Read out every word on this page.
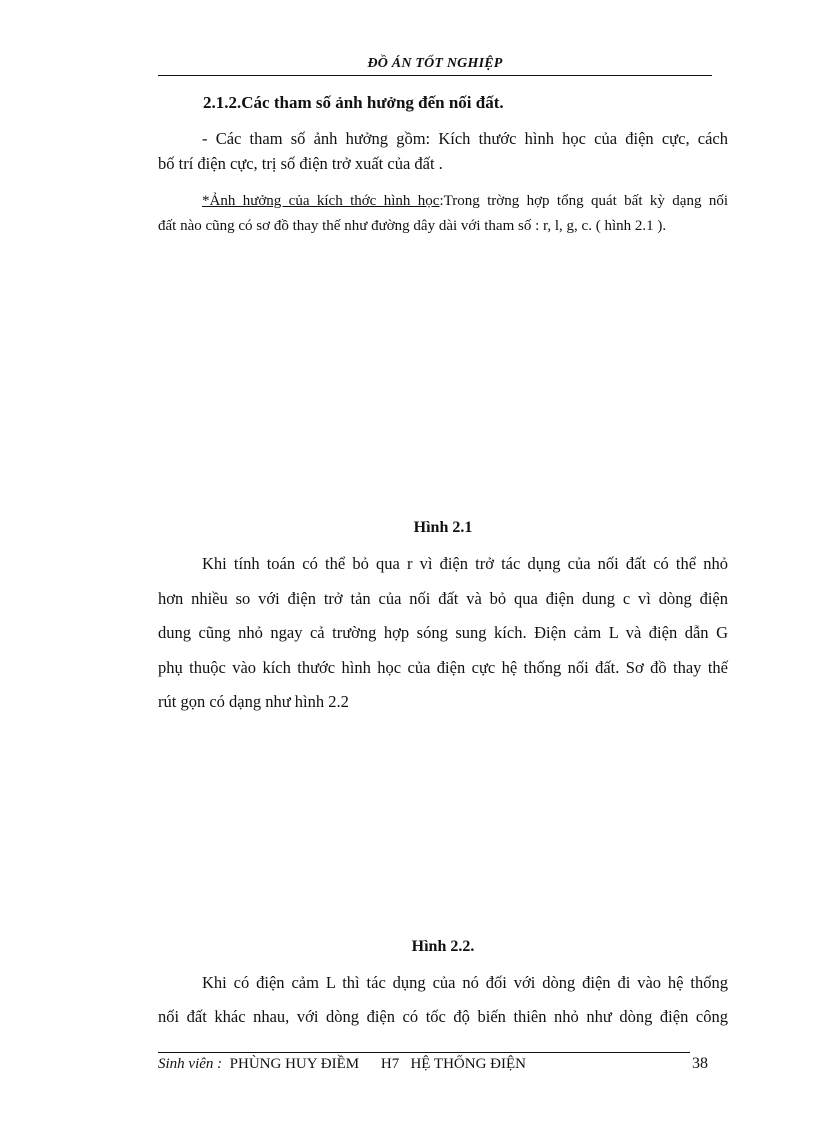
ĐỒ ÁN TỐT NGHIỆP
2.1.2.Các tham số ảnh hưởng đến nối đất.
- Các tham số ảnh hưởng gồm: Kích thước hình học của điện cực, cách
bố trí điện cực, trị số điện trở xuất của đất .
*Ảnh hưởng của kích thớc hình học:Trong trờng hợp tổng quát bất kỳ dạng nối
đất nào cũng có sơ đồ thay thế như đường dây dài với tham số : r, l, g, c. ( hình 2.1 ).
Hình 2.1
Khi tính toán có thể bỏ qua r vì điện trở tác dụng của nối đất có thể nhỏ
hơn nhiều so với điện trở tản của nối đất và bỏ qua điện dung c vì dòng điện
dung cũng nhỏ ngay cả trường hợp sóng sung kích. Điện cảm L và điện dẫn G
phụ thuộc vào kích thước hình học của điện cực hệ thống nối đất. Sơ đồ thay thế
rút gọn có dạng như hình 2.2
Hình 2.2.
Khi có điện cảm L thì tác dụng của nó đối với dòng điện đi vào hệ thống
nối đất khác nhau, với dòng điện có tốc độ biến thiên nhỏ như dòng điện công
Sinh viên : PHÙNG HUY ĐIỀM H7 HỆ THỐNG ĐIỆN	38
